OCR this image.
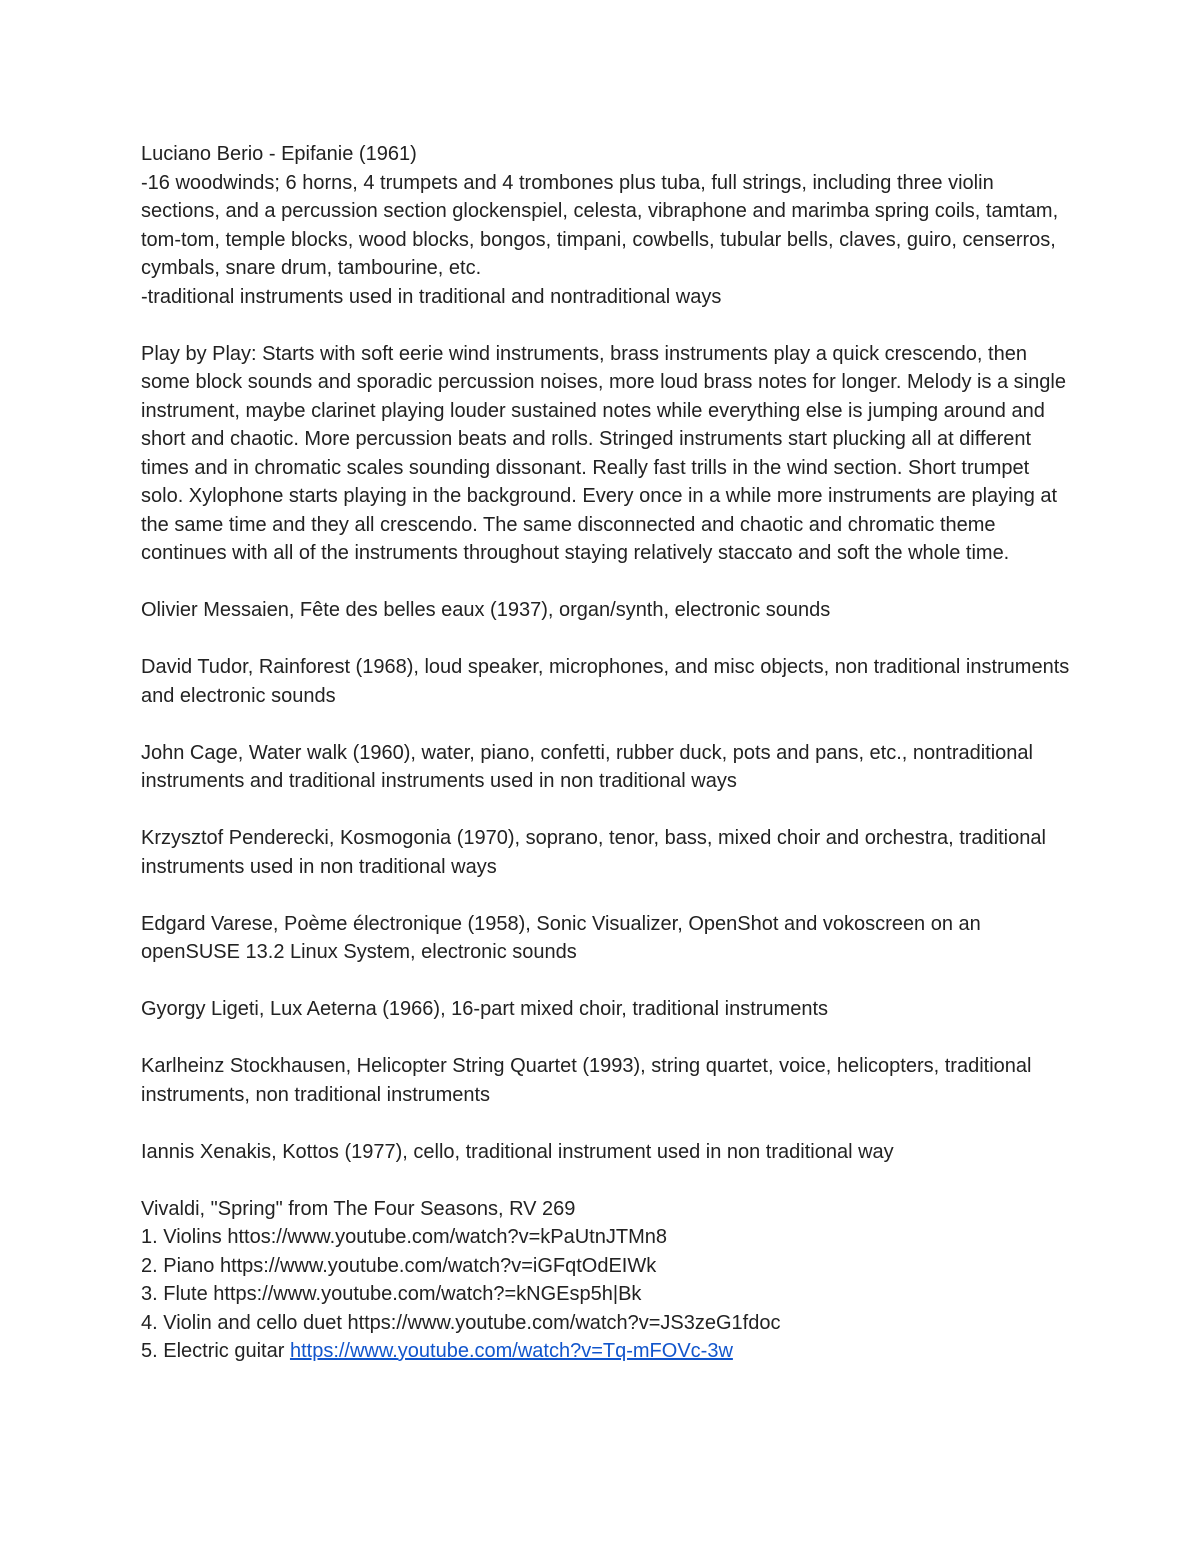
Luciano Berio - Epifanie (1961)

-16 woodwinds; 6 horns, 4 trumpets and 4 trombones plus tuba, full strings, including three violin sections, and a percussion section glockenspiel, celesta, vibraphone and marimba spring coils, tamtam, tom-tom, temple blocks, wood blocks, bongos, timpani, cowbells, tubular bells, claves, guiro, censerros, cymbals, snare drum, tambourine, etc.

-traditional instruments used in traditional and nontraditional ways

Play by Play: Starts with soft eerie wind instruments, brass instruments play a quick crescendo, then some block sounds and sporadic percussion noises, more loud brass notes for longer. Melody is a single instrument, maybe clarinet playing louder sustained notes while everything else is jumping around and short and chaotic. More percussion beats and rolls. Stringed instruments start plucking all at different times and in chromatic scales sounding dissonant. Really fast trills in the wind section. Short trumpet solo. Xylophone starts playing in the background. Every once in a while more instruments are playing at the same time and they all crescendo. The same disconnected and chaotic and chromatic theme continues with all of the instruments throughout staying relatively staccato and soft the whole time.

Olivier Messaien, Fête des belles eaux (1937), organ/synth, electronic sounds

David Tudor, Rainforest (1968), loud speaker, microphones, and misc objects, non traditional instruments and electronic sounds

John Cage, Water walk (1960), water, piano, confetti, rubber duck, pots and pans, etc., nontraditional instruments and traditional instruments used in non traditional ways

Krzysztof Penderecki, Kosmogonia (1970), soprano, tenor, bass, mixed choir and orchestra, traditional instruments used in non traditional ways

Edgard Varese, Poème électronique (1958), Sonic Visualizer, OpenShot and vokoscreen on an openSUSE 13.2 Linux System, electronic sounds

Gyorgy Ligeti, Lux Aeterna (1966), 16-part mixed choir, traditional instruments

Karlheinz Stockhausen, Helicopter String Quartet (1993), string quartet, voice, helicopters, traditional instruments, non traditional instruments

Iannis Xenakis, Kottos (1977), cello, traditional instrument used in non traditional way

Vivaldi, "Spring" from The Four Seasons, RV 269

1. Violins httos://www.youtube.com/watch?v=kPaUtnJTMn8

2. Piano https://www.youtube.com/watch?v=iGFqtOdEIWk

3. Flute https://www.youtube.com/watch?=kNGEsp5h|Bk

4. Violin and cello duet https://www.youtube.com/watch?v=JS3zeG1fdoc

5. Electric guitar https://www.youtube.com/watch?v=Tq-mFOVc-3w
